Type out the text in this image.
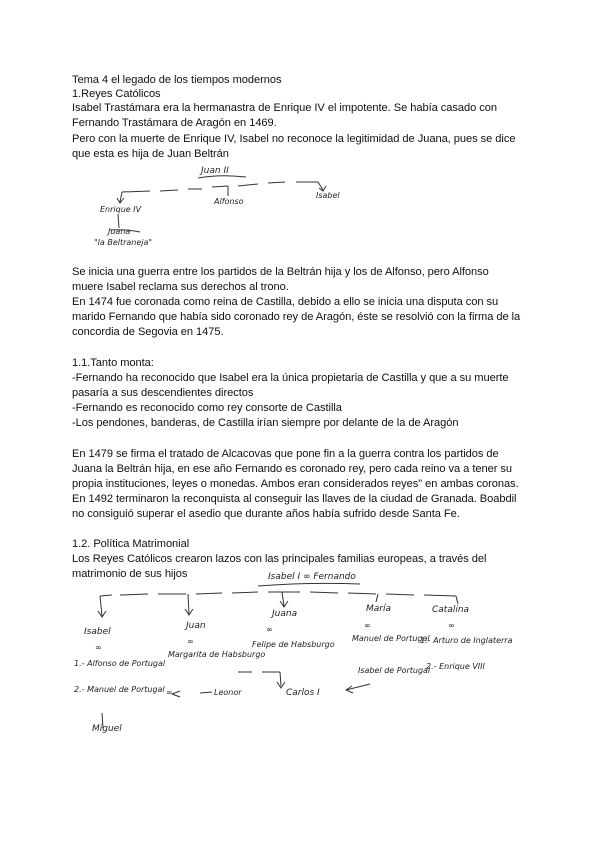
Tema 4 el legado de los tiempos modernos
1.Reyes Católicos
Isabel Trastámara era la hermanastra de Enrique IV el impotente. Se había casado con
Fernando Trastámara de Aragón en 1469.
Pero con la muerte de Enrique IV, Isabel no reconoce la legitimidad de Juana, pues se dice
que esta es hija de Juan Beltrán
Juan II
Enrique IV
Alfonso
Isabel
Juana
"la Beltraneja"
Se inicia una guerra entre los partidos de la Beltrán hija y los de Alfonso, pero Alfonso
muere Isabel reclama sus derechos al trono.
En 1474 fue coronada como reina de Castilla, debido a ello se inicia una disputa con su
marido Fernando que había sido coronado rey de Aragón, éste se resolvió con la firma de la
concordia de Segovia en 1475.
1.1.Tanto monta:
-Fernando ha reconocido que Isabel era la única propietaria de Castilla y que a su muerte
pasaría a sus descendientes directos
-Fernando es reconocido como rey consorte de Castilla
-Los pendones, banderas, de Castilla irían siempre por delante de la de Aragón
En 1479 se firma el tratado de Alcacovas que pone fin a la guerra contra los partidos de
Juana la Beltrán hija, en ese año Fernando es coronado rey, pero cada reino va a tener su
propia instituciones, leyes o monedas. Ambos eran considerados reyes" en ambas coronas.
En 1492 terminaron la reconquista al conseguir las llaves de la ciudad de Granada. Boabdil
no consiguió superar el asedio que durante años había sufrido desde Santa Fe.
1.2. Política Matrimonial
Los Reyes Católicos crearon lazos con las principales familias europeas, a través del
matrimonio de sus hijos	Isabel I ∞ Fernando
Isabel
∞
1.- Alfonso de Portugal
2.- Manuel de Portugal
Miguel
Juan
∞
Margarita de Habsburgo
Juana
∞
Felipe de Habsburgo
María
∞
Manuel de Portugal
Isabel de Portugal
Catalina
∞
1.- Arturo de Inglaterra
2.- Enrique VIII
∞	Leonor	Carlos I
